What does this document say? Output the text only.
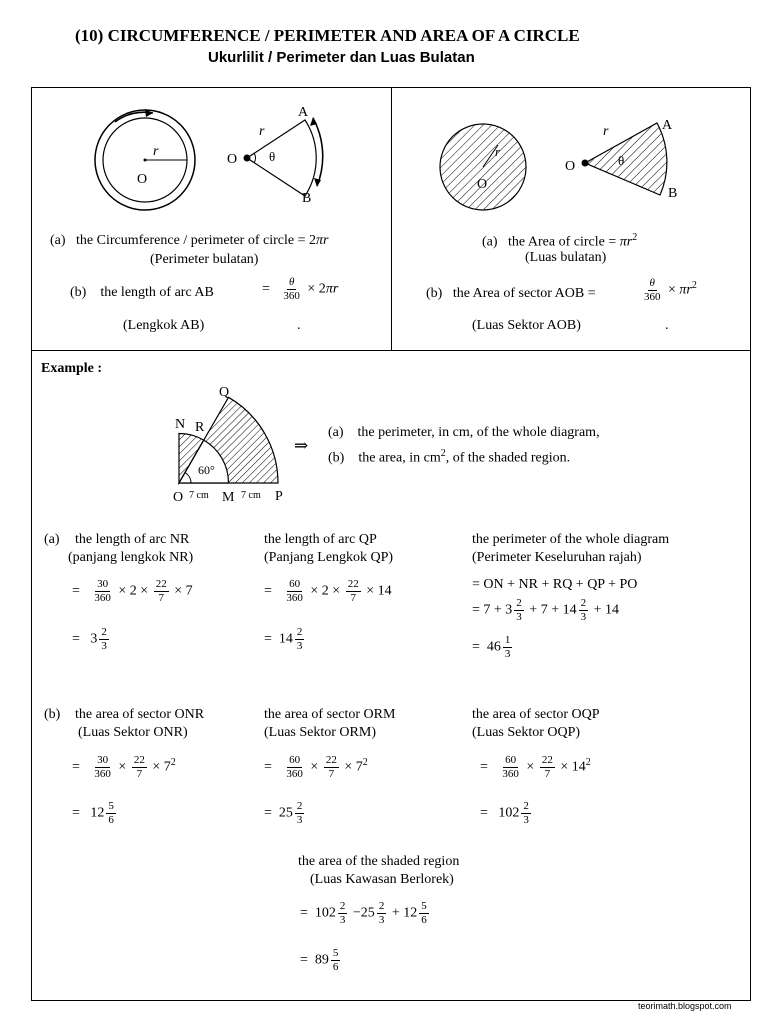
(10) CIRCUMFERENCE / PERIMETER AND AREA OF A CIRCLE
Ukurlilit / Perimeter dan Luas Bulatan
r
O
r
O θ
A
B
(a) the Circumference / perimeter of circle = 2πr
(Perimeter bulatan)
(b) the length of arc AB	= $\frac{\theta}{360} \times 2\pi r$
(Lengkok AB)	.
r
O
r
O	θ
A
B
(a) the Area of circle = $\pi r^2$
(Luas bulatan)
(b) the Area of sector AOB =	$\frac{\theta}{360} \times \pi r^2$
(Luas Sektor AOB)	.
Example :
Q
N R
60°
O 7 cm M 7 cm P
⇒
(a) the perimeter, in cm, of the whole diagram,
(b) the area, in $cm^2$, of the shaded region.
(a) the length of arc NR
(panjang lengkok NR)
= $\frac{30}{360} \times 2 \times \frac{22}{7} \times 7$
= $3 \frac{2}{3}$
the length of arc QP
(Panjang Lengkok QP)
= $\frac{60}{360} \times 2 \times \frac{22}{7} \times 14$
= $14 \frac{2}{3}$
the perimeter of the whole diagram
(Perimeter Keseluruhan rajah)
= ON + NR + RQ + QP + PO
= $7 + 3 \frac{2}{3} + 7 + 14 \frac{2}{3} + 14$
= $46 \frac{1}{3}$
(b) the area of sector ONR
(Luas Sektor ONR)
= $\frac{30}{360} \times \frac{22}{7} \times 7^2$
= $12 \frac{5}{6}$
the area of sector ORM
(Luas Sektor ORM)
= $\frac{60}{360} \times \frac{22}{7} \times 7^2$
= $25 \frac{2}{3}$
the area of sector OQP
(Luas Sektor OQP)
= $\frac{60}{360} \times \frac{22}{7} \times 14^2$
= $102 \frac{2}{3}$
the area of the shaded region
(Luas Kawasan Berlorek)
= $102 \frac{2}{3} -25 \frac{2}{3} + 12 \frac{5}{6}$
= $89 \frac{5}{6}$
teorimath.blogspot.com
